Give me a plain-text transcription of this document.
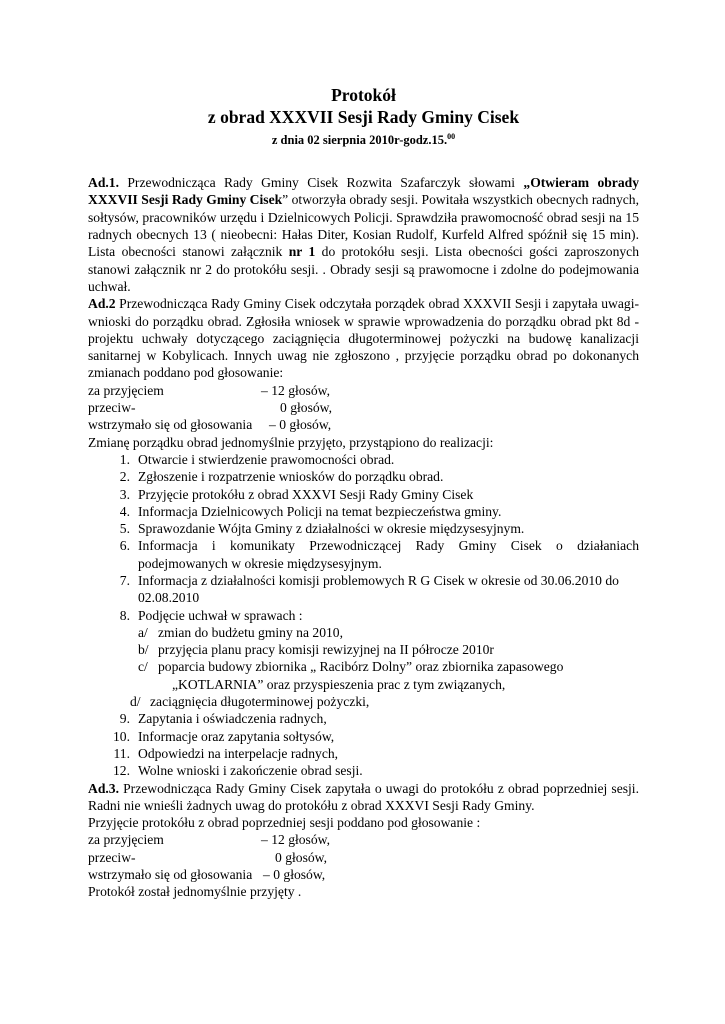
Protokół
z obrad XXXVII Sesji Rady Gminy Cisek
z dnia 02 sierpnia 2010r-godz.15.00
Ad.1. Przewodnicząca Rady Gminy Cisek Rozwita Szafarczyk słowami „Otwieram obrady XXXVII Sesji Rady Gminy Cisek” otworzyła obrady sesji. Powitała wszystkich obecnych radnych, sołtysów, pracowników urzędu i Dzielnicowych Policji. Sprawdziła prawomocność obrad sesji na 15 radnych obecnych 13 ( nieobecni: Hałas Diter, Kosian Rudolf, Kurfeld Alfred spóźnił się 15 min). Lista obecności stanowi załącznik nr 1 do protokółu sesji. Lista obecności gości zaproszonych stanowi załącznik nr 2 do protokółu sesji. . Obrady sesji są prawomocne i zdolne do podejmowania uchwał.
Ad.2 Przewodnicząca Rady Gminy Cisek odczytała porządek obrad XXXVII Sesji i zapytała uwagi-wnioski do porządku obrad. Zgłosiła wniosek w sprawie wprowadzenia do porządku obrad pkt 8d - projektu uchwały dotyczącego zaciągnięcia długoterminowej pożyczki na budowę kanalizacji sanitarnej w Kobylicach. Innych uwag nie zgłoszono , przyjęcie porządku obrad po dokonanych zmianach poddano pod głosowanie:
za przyjęciem	– 12 głosów,
przeciw-	0 głosów,
wstrzymało się od głosowania	– 0 głosów,
Zmianę porządku obrad jednomyślnie przyjęto, przystąpiono do realizacji:
1. Otwarcie i stwierdzenie prawomocności obrad.
2. Zgłoszenie i rozpatrzenie wniosków do porządku obrad.
3. Przyjęcie protokółu z obrad XXXVI Sesji Rady Gminy Cisek
4. Informacja Dzielnicowych Policji na temat bezpieczeństwa gminy.
5. Sprawozdanie Wójta Gminy z działalności w okresie międzysesyjnym.
6. Informacja i komunikaty Przewodniczącej Rady Gminy Cisek o działaniach podejmowanych w okresie międzysesyjnym.
7. Informacja z działalności komisji problemowych R G Cisek w okresie od 30.06.2010 do 02.08.2010
8. Podjęcie uchwał w sprawach :
a/ zmian do budżetu gminy na 2010,
b/ przyjęcia planu pracy komisji rewizyjnej na II półrocze 2010r
c/ poparcia budowy zbiornika „ Racibórz Dolny” oraz zbiornika zapasowego
„KOTLARNIA” oraz przyspieszenia prac z tym związanych,
d/ zaciągnięcia długoterminowej pożyczki,
9. Zapytania i oświadczenia radnych,
10. Informacje oraz zapytania sołtysów,
11. Odpowiedzi na interpelacje radnych,
12. Wolne wnioski i zakończenie obrad sesji.
Ad.3. Przewodnicząca Rady Gminy Cisek zapytała o uwagi do protokółu z obrad poprzedniej sesji. Radni nie wnieśli żadnych uwag do protokółu z obrad XXXVI Sesji Rady Gminy.
Przyjęcie protokółu z obrad poprzedniej sesji poddano pod głosowanie :
za przyjęciem	– 12 głosów,
przeciw-	0 głosów,
wstrzymało się od głosowania – 0 głosów,
Protokół został jednomyślnie przyjęty .
